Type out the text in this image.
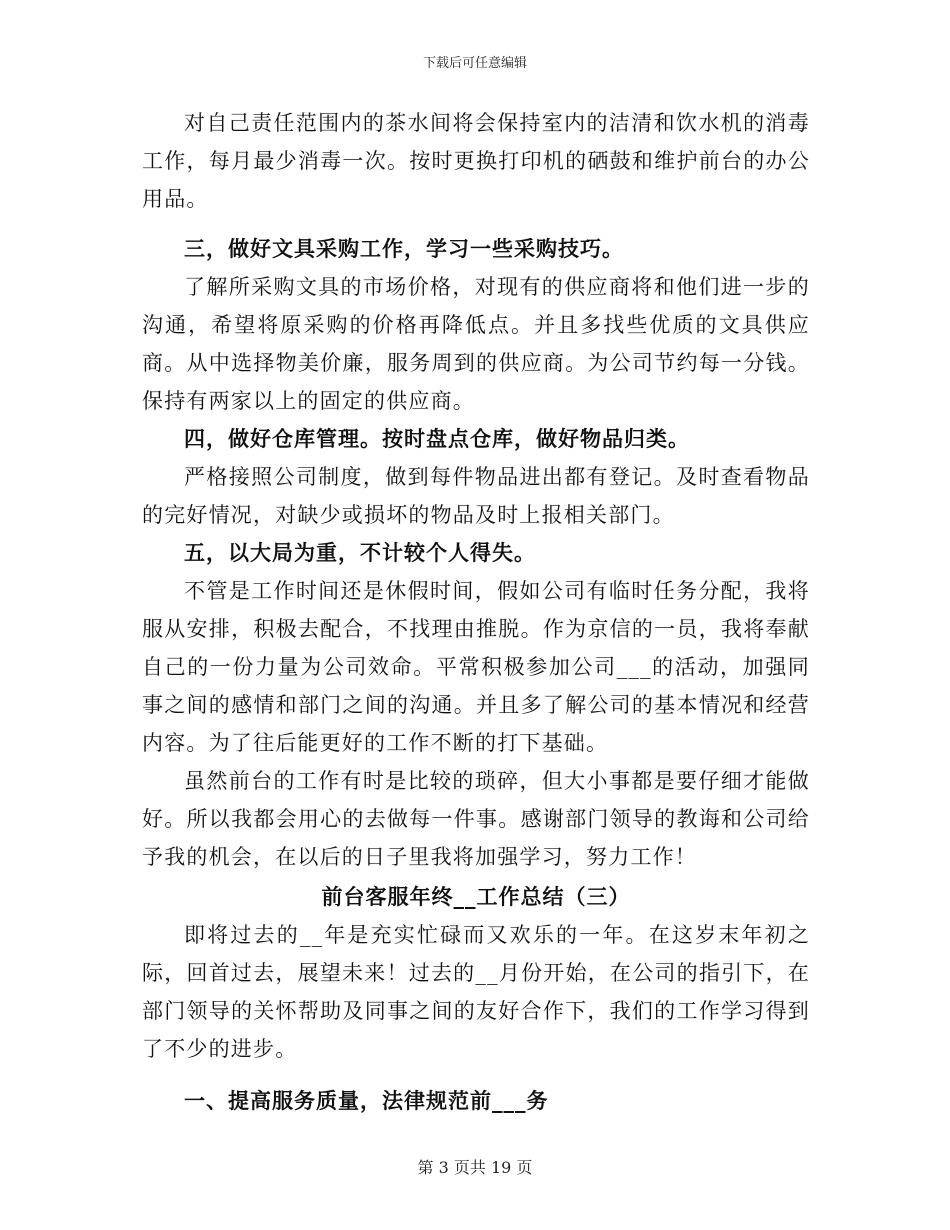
下载后可任意编辑

对自己责任范围内的茶水间将会保持室内的洁清和饮水机的消毒工作，每月最少消毒一次。按时更换打印机的硒鼓和维护前台的办公用品。

三，做好文具采购工作，学习一些采购技巧。

了解所采购文具的市场价格，对现有的供应商将和他们进一步的沟通，希望将原采购的价格再降低点。并且多找些优质的文具供应商。从中选择物美价廉，服务周到的供应商。为公司节约每一分钱。保持有两家以上的固定的供应商。

四，做好仓库管理。按时盘点仓库，做好物品归类。

严格接照公司制度，做到每件物品进出都有登记。及时查看物品的完好情况，对缺少或损坏的物品及时上报相关部门。

五，以大局为重，不计较个人得失。

不管是工作时间还是休假时间，假如公司有临时任务分配，我将服从安排，积极去配合，不找理由推脱。作为京信的一员，我将奉献自己的一份力量为公司效命。平常积极参加公司___的活动，加强同事之间的感情和部门之间的沟通。并且多了解公司的基本情况和经营内容。为了往后能更好的工作不断的打下基础。

虽然前台的工作有时是比较的琐碎，但大小事都是要仔细才能做好。所以我都会用心的去做每一件事。感谢部门领导的教诲和公司给予我的机会，在以后的日子里我将加强学习，努力工作！

前台客服年终__工作总结（三）

即将过去的__年是充实忙碌而又欢乐的一年。在这岁末年初之际，回首过去，展望未来！过去的__月份开始，在公司的指引下，在部门领导的关怀帮助及同事之间的友好合作下，我们的工作学习得到了不少的进步。

一、提高服务质量，法律规范前___务

第 3 页共 19 页
